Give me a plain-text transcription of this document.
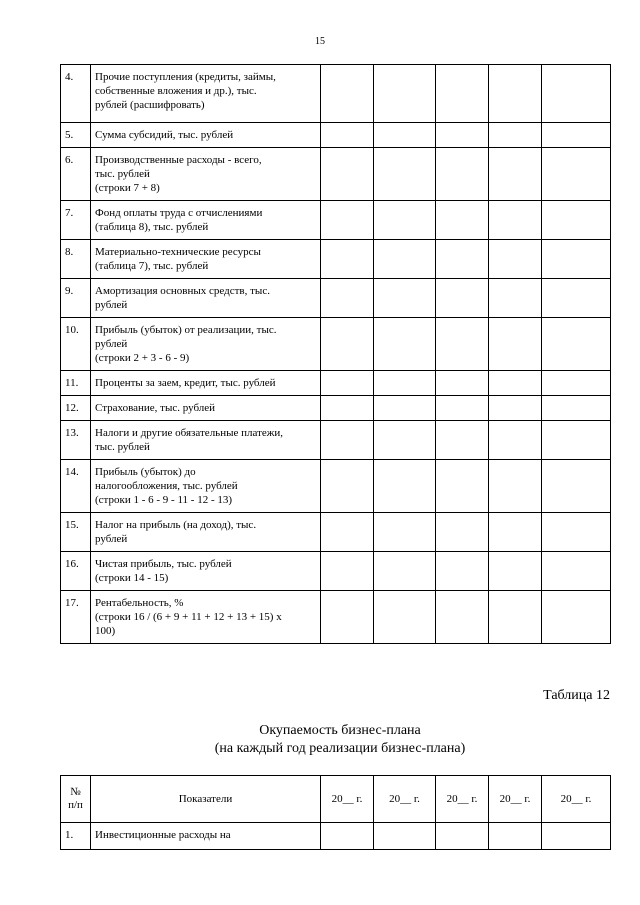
15
4.	Прочие поступления (кредиты, займы,
собственные вложения и др.), тыс.
рублей (расшифровать)					
5.	Сумма субсидий, тыс. рублей					
6.	Производственные расходы - всего,
тыс. рублей
(строки 7 + 8)					
7.	Фонд оплаты труда с отчислениями
(таблица 8), тыс. рублей					
8.	Материально-технические ресурсы
(таблица 7), тыс. рублей					
9.	Амортизация основных средств, тыс.
рублей					
10.	Прибыль (убыток) от реализации, тыс.
рублей
(строки 2 + 3 - 6 - 9)					
11.	Проценты за заем, кредит, тыс. рублей					
12.	Страхование, тыс. рублей					
13.	Налоги и другие обязательные платежи,
тыс. рублей					
14.	Прибыль (убыток) до
налогообложения, тыс. рублей
(строки 1 - 6 - 9 - 11 - 12 - 13)					
15.	Налог на прибыль (на доход), тыс.
рублей					
16.	Чистая прибыль, тыс. рублей
(строки 14 - 15)					
17.	Рентабельность, %
(строки 16 / (6 + 9 + 11 + 12 + 13 + 15) x
100)					
Таблица 12
Окупаемость бизнес-плана
(на каждый год реализации бизнес-плана)
№
п/п	Показатели	20__ г.	20__ г.	20__ г.	20__ г.	20__ г.
1.	Инвестиционные расходы на					
